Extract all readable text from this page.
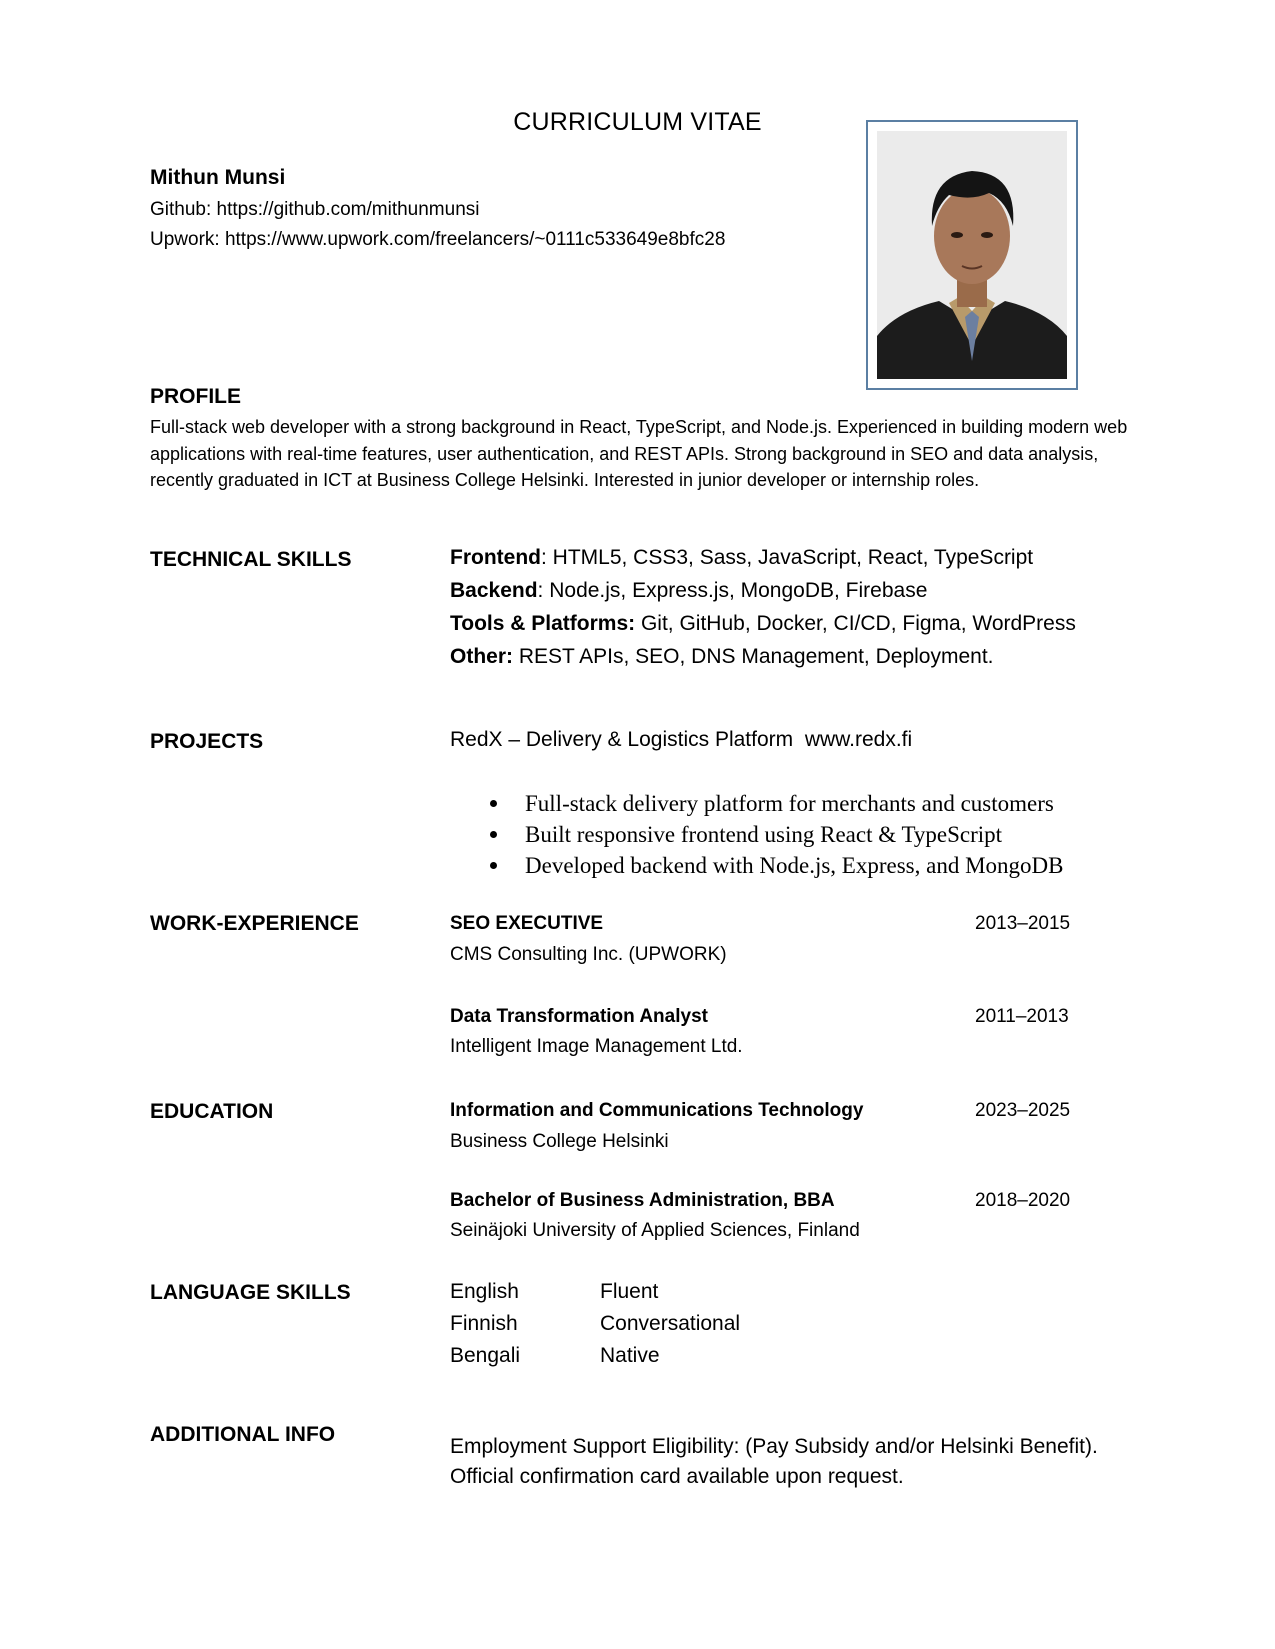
CURRICULUM VITAE
Mithun Munsi
Github: https://github.com/mithunmunsi
Upwork: https://www.upwork.com/freelancers/~0111c533649e8bfc28
PROFILE
Full-stack web developer with a strong background in React, TypeScript, and Node.js. Experienced in building modern web applications with real-time features, user authentication, and REST APIs. Strong background in SEO and data analysis, recently graduated in ICT at Business College Helsinki. Interested in junior developer or internship roles.
TECHNICAL SKILLS	Frontend: HTML5, CSS3, Sass, JavaScript, React, TypeScript
Backend: Node.js, Express.js, MongoDB, Firebase
Tools & Platforms: Git, GitHub, Docker, CI/CD, Figma, WordPress
Other: REST APIs, SEO, DNS Management, Deployment.
PROJECTS	RedX – Delivery & Logistics Platform www.redx.fi
Full-stack delivery platform for merchants and customers
Built responsive frontend using React & TypeScript
Developed backend with Node.js, Express, and MongoDB
WORK-EXPERIENCE	SEO EXECUTIVE	2013–2015
CMS Consulting Inc. (UPWORK)
Data Transformation Analyst	2011–2013
Intelligent Image Management Ltd.
EDUCATION	Information and Communications Technology	2023–2025
Business College Helsinki
Bachelor of Business Administration, BBA	2018–2020
Seinäjoki University of Applied Sciences, Finland
LANGUAGE SKILLS	English	Fluent
Finnish	Conversational
Bengali	Native
ADDITIONAL INFO
Employment Support Eligibility: (Pay Subsidy and/or Helsinki Benefit). Official confirmation card available upon request.
